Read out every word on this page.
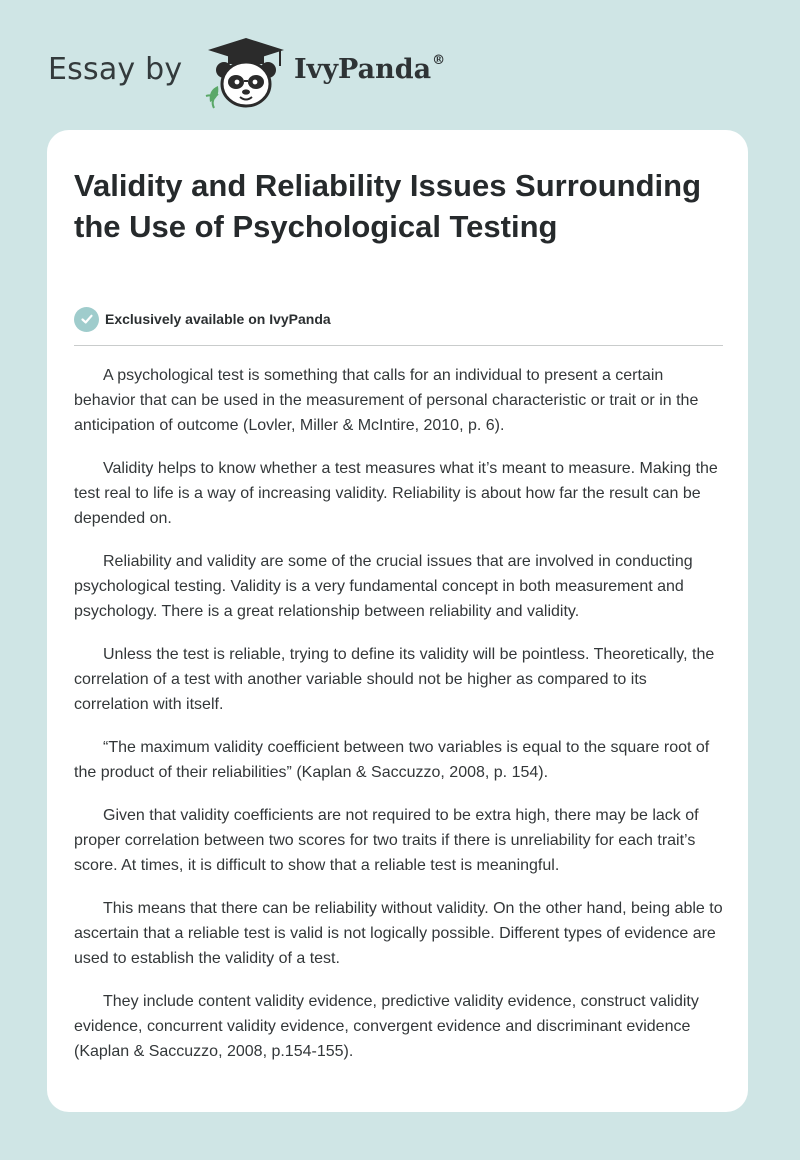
Essay by	IvyPanda®
Validity and Reliability Issues Surrounding the Use of Psychological Testing
Exclusively available on IvyPanda

A psychological test is something that calls for an individual to present a certain behavior that can be used in the measurement of personal characteristic or trait or in the anticipation of outcome (Lovler, Miller & McIntire, 2010, p. 6).

Validity helps to know whether a test measures what it’s meant to measure. Making the test real to life is a way of increasing validity. Reliability is about how far the result can be depended on.

Reliability and validity are some of the crucial issues that are involved in conducting psychological testing. Validity is a very fundamental concept in both measurement and psychology. There is a great relationship between reliability and validity.

Unless the test is reliable, trying to define its validity will be pointless. Theoretically, the correlation of a test with another variable should not be higher as compared to its correlation with itself.

“The maximum validity coefficient between two variables is equal to the square root of the product of their reliabilities” (Kaplan & Saccuzzo, 2008, p. 154).

Given that validity coefficients are not required to be extra high, there may be lack of proper correlation between two scores for two traits if there is unreliability for each trait’s score. At times, it is difficult to show that a reliable test is meaningful.

This means that there can be reliability without validity. On the other hand, being able to ascertain that a reliable test is valid is not logically possible. Different types of evidence are used to establish the validity of a test.

They include content validity evidence, predictive validity evidence, construct validity evidence, concurrent validity evidence, convergent evidence and discriminant evidence (Kaplan & Saccuzzo, 2008, p.154-155).
